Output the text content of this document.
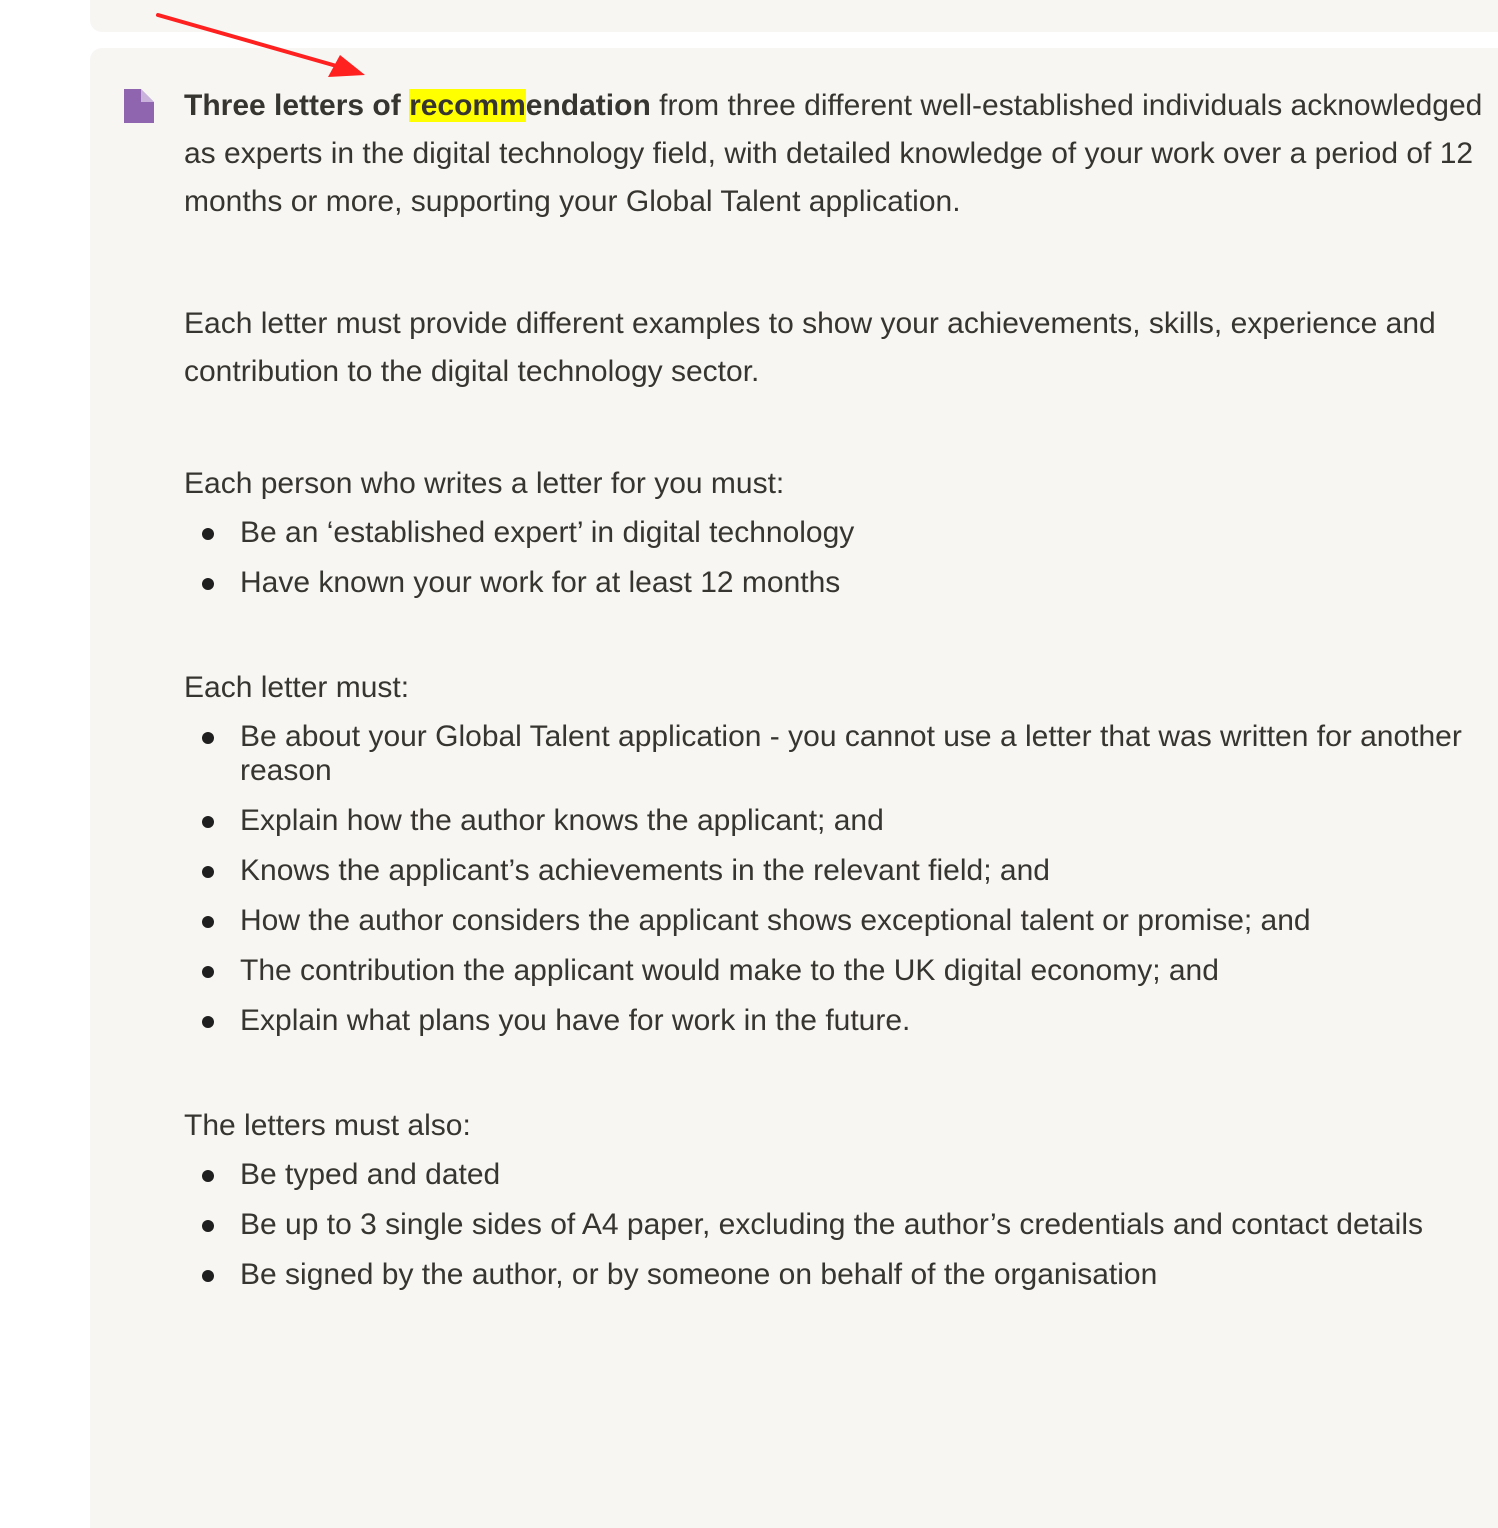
Three letters of recommendation from three different well-established individuals acknowledged as experts in the digital technology field, with detailed knowledge of your work over a period of 12 months or more, supporting your Global Talent application.

Each letter must provide different examples to show your achievements, skills, experience and contribution to the digital technology sector.

Each person who writes a letter for you must:

Be an ‘established expert’ in digital technology
Have known your work for at least 12 months

Each letter must:

Be about your Global Talent application - you cannot use a letter that was written for another reason
Explain how the author knows the applicant; and
Knows the applicant’s achievements in the relevant field; and
How the author considers the applicant shows exceptional talent or promise; and
The contribution the applicant would make to the UK digital economy; and
Explain what plans you have for work in the future.

The letters must also:

Be typed and dated
Be up to 3 single sides of A4 paper, excluding the author’s credentials and contact details
Be signed by the author, or by someone on behalf of the organisation
